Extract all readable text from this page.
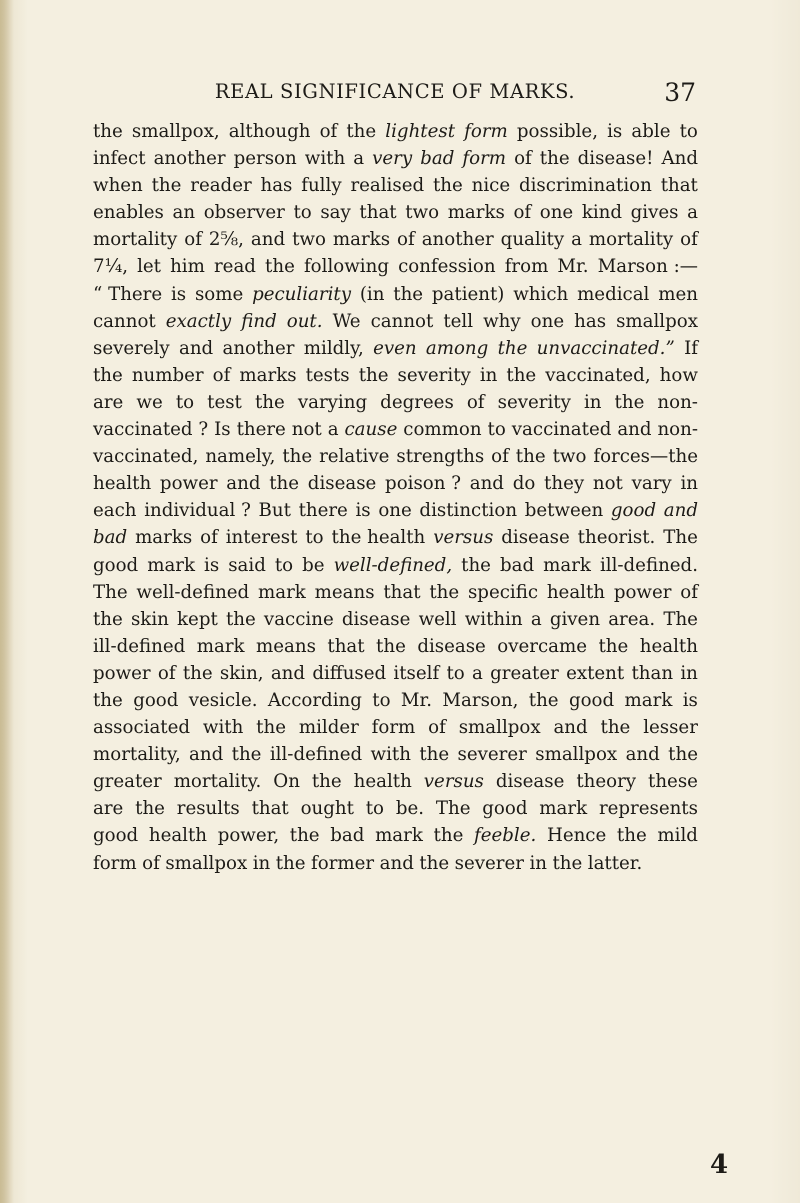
REAL SIGNIFICANCE OF MARKS.	37
the smallpox, although of the lightest form possible, is able to
infect another person with a very bad form of the disease! And
when the reader has fully realised the nice discrimination that
enables an observer to say that two marks of one kind gives a
mortality of 2⅝, and two marks of another quality a mortality of
7¼, let him read the following confession from Mr. Marson :—
“ There is some peculiarity (in the patient) which medical men
cannot exactly find out. We cannot tell why one has smallpox
severely and another mildly, even among the unvaccinated.” If
the number of marks tests the severity in the vaccinated, how
are we to test the varying degrees of severity in the non-
vaccinated ? Is there not a cause common to vaccinated and non-
vaccinated, namely, the relative strengths of the two forces—the
health power and the disease poison ? and do they not vary in
each individual ? But there is one distinction between good and
bad marks of interest to the health versus disease theorist. The
good mark is said to be well-defined, the bad mark ill-defined.
The well-defined mark means that the specific health power of
the skin kept the vaccine disease well within a given area. The
ill-defined mark means that the disease overcame the health
power of the skin, and diffused itself to a greater extent than in
the good vesicle. According to Mr. Marson, the good mark is
associated with the milder form of smallpox and the lesser
mortality, and the ill-defined with the severer smallpox and the
greater mortality. On the health versus disease theory these
are the results that ought to be. The good mark represents
good health power, the bad mark the feeble. Hence the mild
form of smallpox in the former and the severer in the latter.
4
